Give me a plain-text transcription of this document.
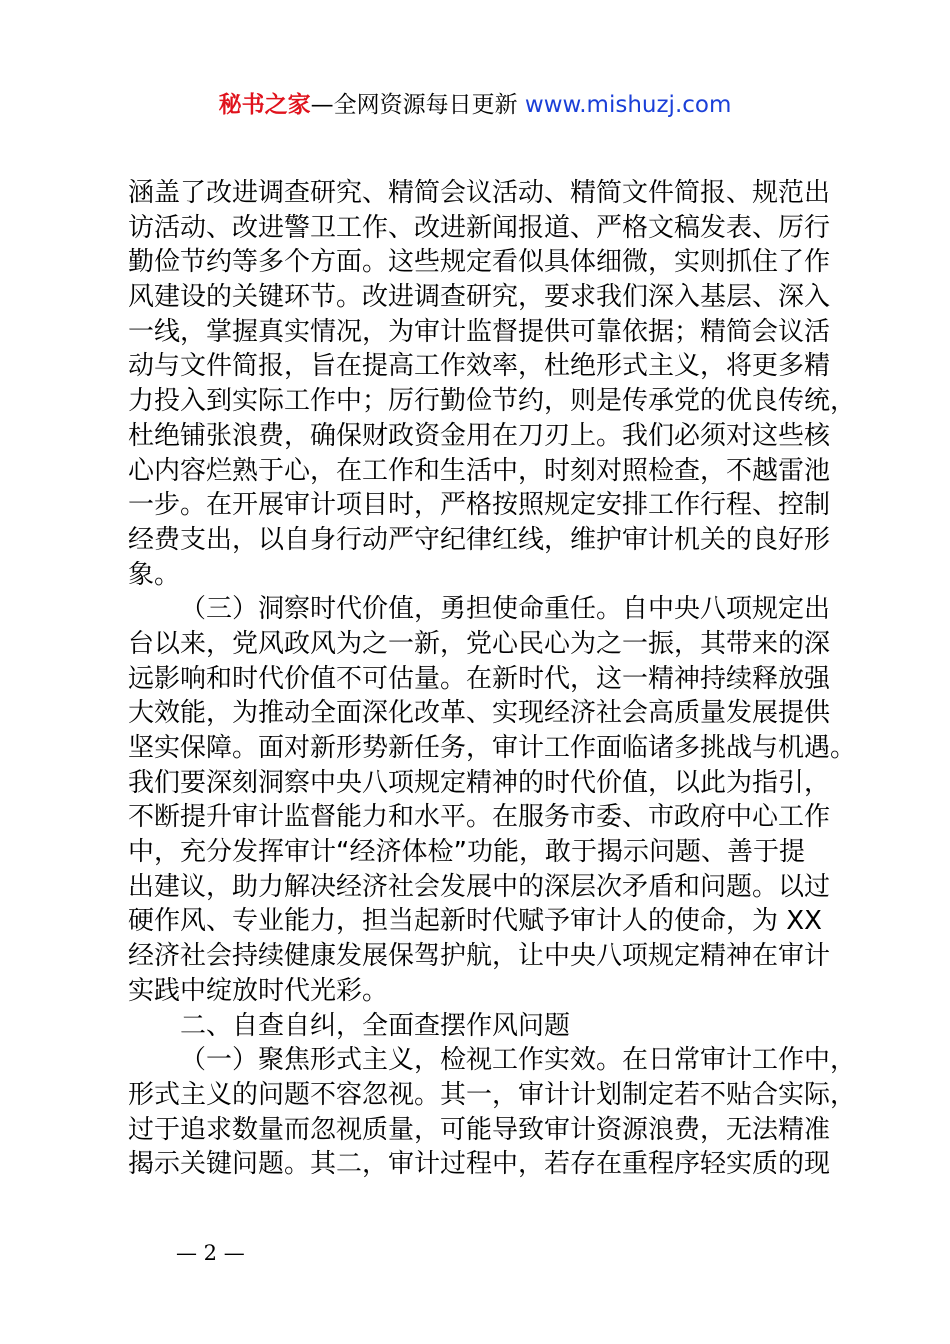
秘书之家—全网资源每日更新 www.mishuzj.com
涵盖了改进调查研究、精简会议活动、精简文件简报、规范出
访活动、改进警卫工作、改进新闻报道、严格文稿发表、厉行
勤俭节约等多个方面。这些规定看似具体细微，实则抓住了作
风建设的关键环节。改进调查研究，要求我们深入基层、深入
一线，掌握真实情况，为审计监督提供可靠依据；精简会议活
动与文件简报，旨在提高工作效率，杜绝形式主义，将更多精
力投入到实际工作中；厉行勤俭节约，则是传承党的优良传统，
杜绝铺张浪费，确保财政资金用在刀刃上。我们必须对这些核
心内容烂熟于心，在工作和生活中，时刻对照检查，不越雷池
一步。在开展审计项目时，严格按照规定安排工作行程、控制
经费支出，以自身行动严守纪律红线，维护审计机关的良好形
象。
（三）洞察时代价值，勇担使命重任。自中央八项规定出
台以来，党风政风为之一新，党心民心为之一振，其带来的深
远影响和时代价值不可估量。在新时代，这一精神持续释放强
大效能，为推动全面深化改革、实现经济社会高质量发展提供
坚实保障。面对新形势新任务，审计工作面临诸多挑战与机遇。
我们要深刻洞察中央八项规定精神的时代价值，以此为指引，
不断提升审计监督能力和水平。在服务市委、市政府中心工作
中，充分发挥审计“经济体检”功能，敢于揭示问题、善于提
出建议，助力解决经济社会发展中的深层次矛盾和问题。以过
硬作风、专业能力，担当起新时代赋予审计人的使命，为 XX
经济社会持续健康发展保驾护航，让中央八项规定精神在审计
实践中绽放时代光彩。
二、自查自纠，全面查摆作风问题
（一）聚焦形式主义，检视工作实效。在日常审计工作中，
形式主义的问题不容忽视。其一，审计计划制定若不贴合实际，
过于追求数量而忽视质量，可能导致审计资源浪费，无法精准
揭示关键问题。其二，审计过程中，若存在重程序轻实质的现
— 2 —
